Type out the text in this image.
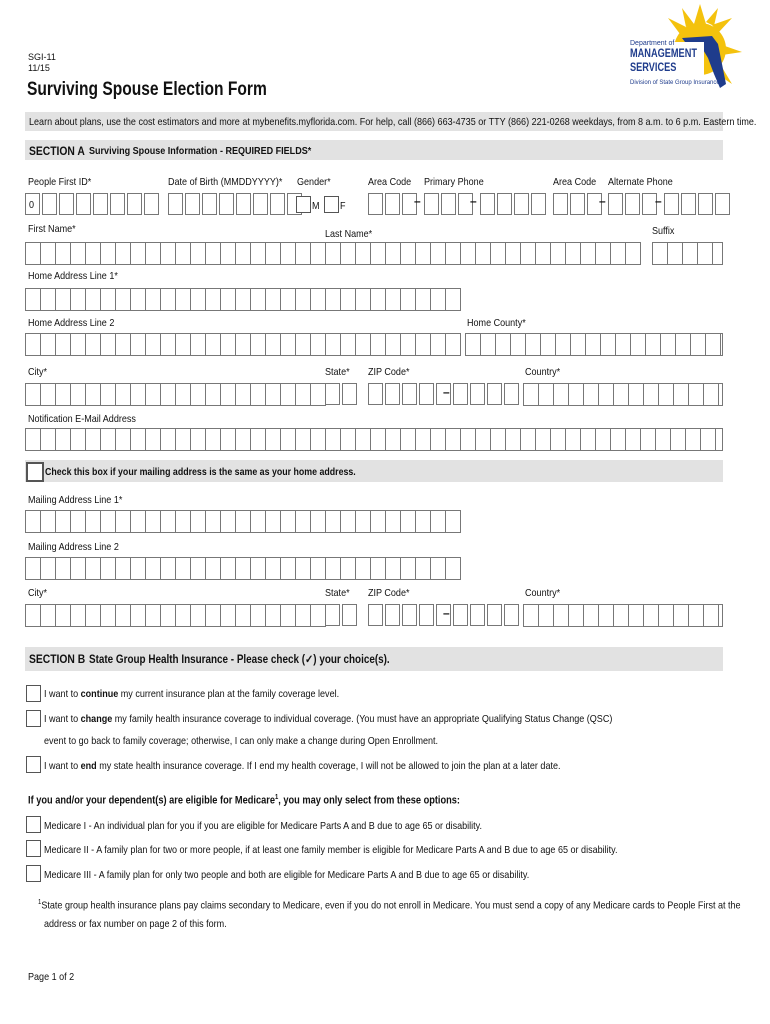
SGI-11
11/15
Surviving Spouse Election Form
Department of
MANAGEMENT
SERVICES
Division of State Group Insurance
Learn about plans, use the cost estimators and more at mybenefits.myflorida.com. For help, call (866) 663-4735 or TTY (866) 221-0268 weekdays, from 8 a.m. to 6 p.m. Eastern time.
SECTION A Surviving Spouse Information - REQUIRED FIELDS*
People First ID*	Date of Birth (MMDDYYYY)* Gender*	Area Code Primary Phone	Area Code Alternate Phone
0	M F	–	–	–	–
First Name*	Last Name*	Suffix
Home Address Line 1*
Home Address Line 2	Home County*
City*	State* ZIP Code*	Country*
–
Notification E-Mail Address
Check this box if your mailing address is the same as your home address.
Mailing Address Line 1*
Mailing Address Line 2
City*	State* ZIP Code*	Country*
–
SECTION B State Group Health Insurance - Please check (✓) your choice(s).
I want to continue my current insurance plan at the family coverage level.
I want to change my family health insurance coverage to individual coverage. (You must have an appropriate Qualifying Status Change (QSC)
event to go back to family coverage; otherwise, I can only make a change during Open Enrollment.
I want to end my state health insurance coverage. If I end my health coverage, I will not be allowed to join the plan at a later date.
If you and/or your dependent(s) are eligible for Medicare$^1$, you may only select from these options:
Medicare I - An individual plan for you if you are eligible for Medicare Parts A and B due to age 65 or disability.
Medicare II - A family plan for two or more people, if at least one family member is eligible for Medicare Parts A and B due to age 65 or disability.
Medicare III - A family plan for only two people and both are eligible for Medicare Parts A and B due to age 65 or disability.
$^1$State group health insurance plans pay claims secondary to Medicare, even if you do not enroll in Medicare. You must send a copy of any Medicare cards to People First at the
address or fax number on page 2 of this form.
Page 1 of 2
